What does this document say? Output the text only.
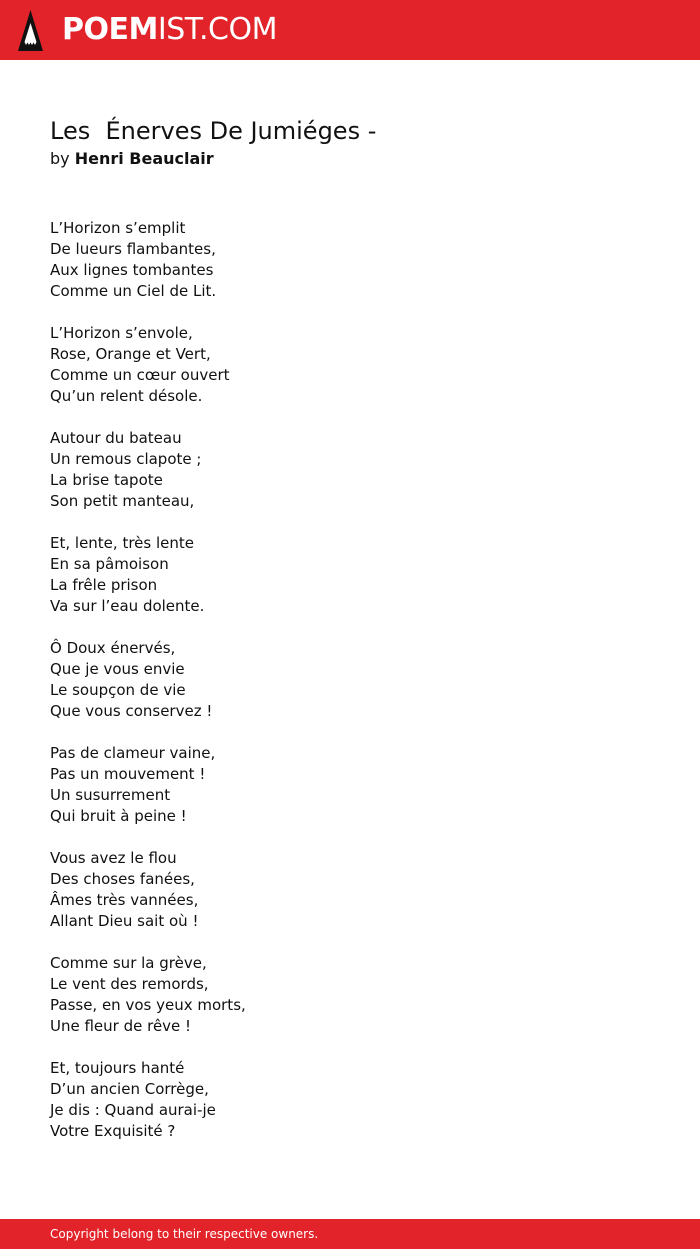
POEMIST.COM
Les  Énerves De Jumiéges -
by Henri Beauclair
L’Horizon s’emplit
De lueurs flambantes,
Aux lignes tombantes
Comme un Ciel de Lit.
L’Horizon s’envole,
Rose, Orange et Vert,
Comme un cœur ouvert
Qu’un relent désole.
Autour du bateau
Un remous clapote ;
La brise tapote
Son petit manteau,
Et, lente, très lente
En sa pâmoison
La frêle prison
Va sur l’eau dolente.
Ô Doux énervés,
Que je vous envie
Le soupçon de vie
Que vous conservez !
Pas de clameur vaine,
Pas un mouvement !
Un susurrement
Qui bruit à peine !
Vous avez le flou
Des choses fanées,
Âmes très vannées,
Allant Dieu sait où !
Comme sur la grève,
Le vent des remords,
Passe, en vos yeux morts,
Une fleur de rêve !
Et, toujours hanté
D’un ancien Corrège,
Je dis : Quand aurai-je
Votre Exquisité ?
Copyright belong to their respective owners.
